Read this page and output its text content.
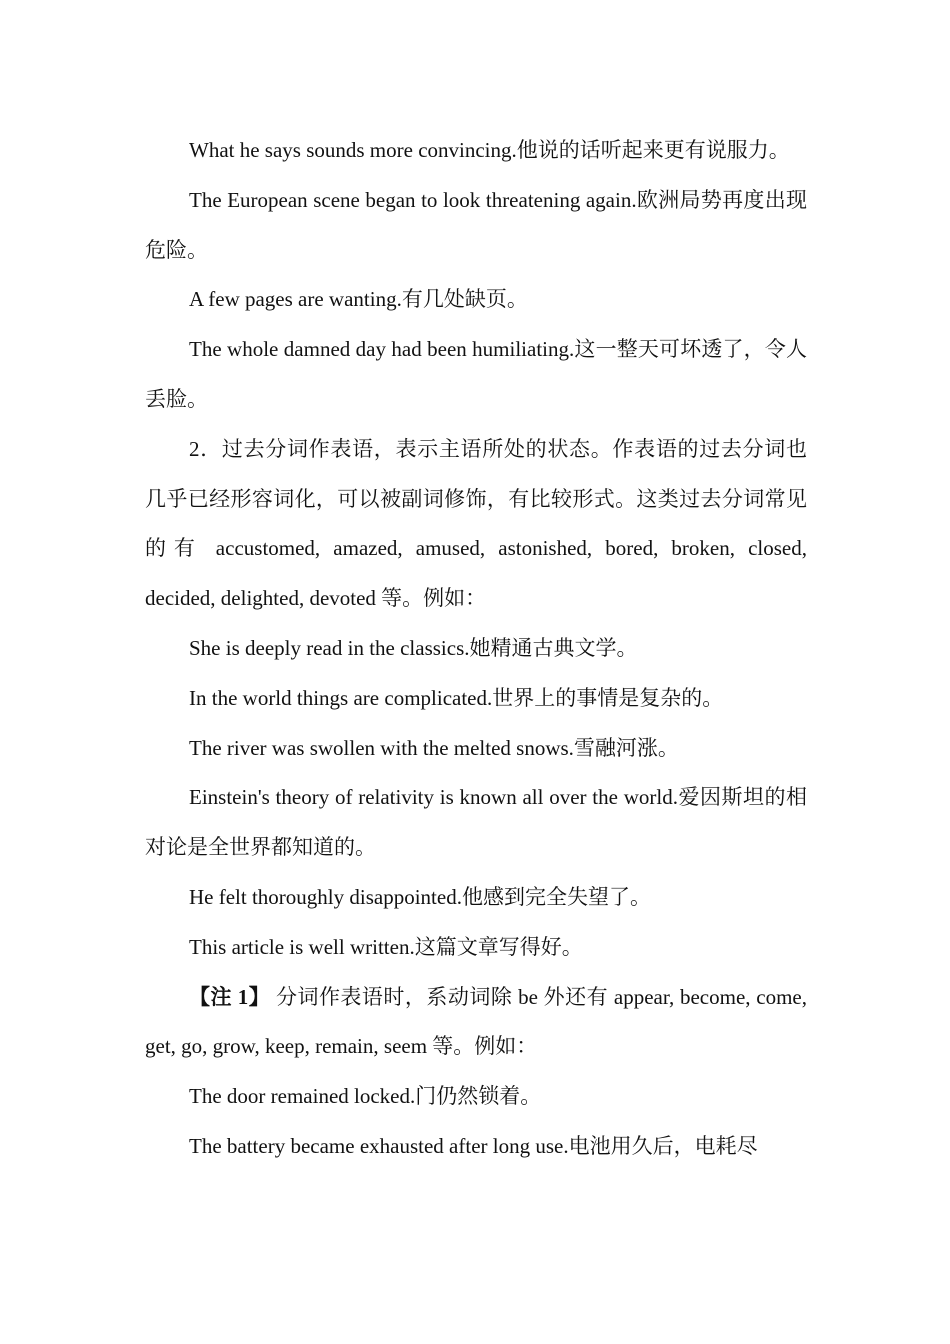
What he says sounds more convincing.他说的话听起来更有说服力。

The European scene began to look threatening again.欧洲局势再度出现危险。

A few pages are wanting.有几处缺页。

The whole damned day had been humiliating.这一整天可坏透了，令人丢脸。

2．过去分词作表语，表示主语所处的状态。作表语的过去分词也几乎已经形容词化，可以被副词修饰，有比较形式。这类过去分词常见的有 accustomed, amazed, amused, astonished, bored, broken, closed, decided, delighted, devoted 等。例如：

She is deeply read in the classics.她精通古典文学。

In the world things are complicated.世界上的事情是复杂的。

The river was swollen with the melted snows.雪融河涨。

Einstein's theory of relativity is known all over the world.爱因斯坦的相对论是全世界都知道的。

He felt thoroughly disappointed.他感到完全失望了。

This article is well written.这篇文章写得好。

【注 1】 分词作表语时，系动词除 be 外还有 appear, become, come, get, go, grow, keep, remain, seem 等。例如：

The door remained locked.门仍然锁着。

The battery became exhausted after long use.电池用久后，电耗尽
